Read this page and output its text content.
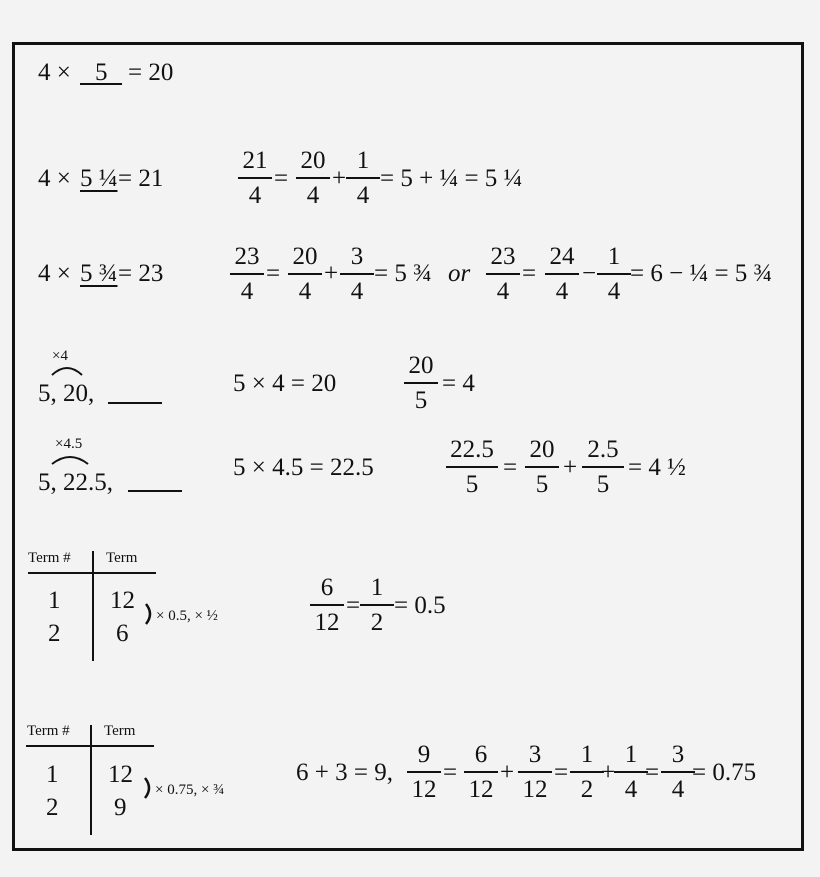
4 × 5 = 20
4 × 5 ¼ = 21
21
4
=
20
4
+
1
4
= 5 + ¼ = 5 ¼
4 × 5 ¾ = 23
23
4
=
20
4
+
3
4
= 5 ¾ or
23
4
=
24
4
−
1
4
= 6 − ¼ = 5 ¾
×4
5, 20,	5 × 4 = 20
20
5
= 4
×4.5
5, 22.5,
5 × 4.5 = 22.5
22.5
5
=
20
5
+
2.5
5
= 4 ½
Term # Term
1 12
2 6
× 0.5, × ½
6
12
=
1
2
= 0.5
Term # Term
1 12
2 9
× 0.75, × ¾
6 + 3 = 9,
9
12
=
6
12
+
3
12
=
1
2
+
1
4
=
3
4
= 0.75
